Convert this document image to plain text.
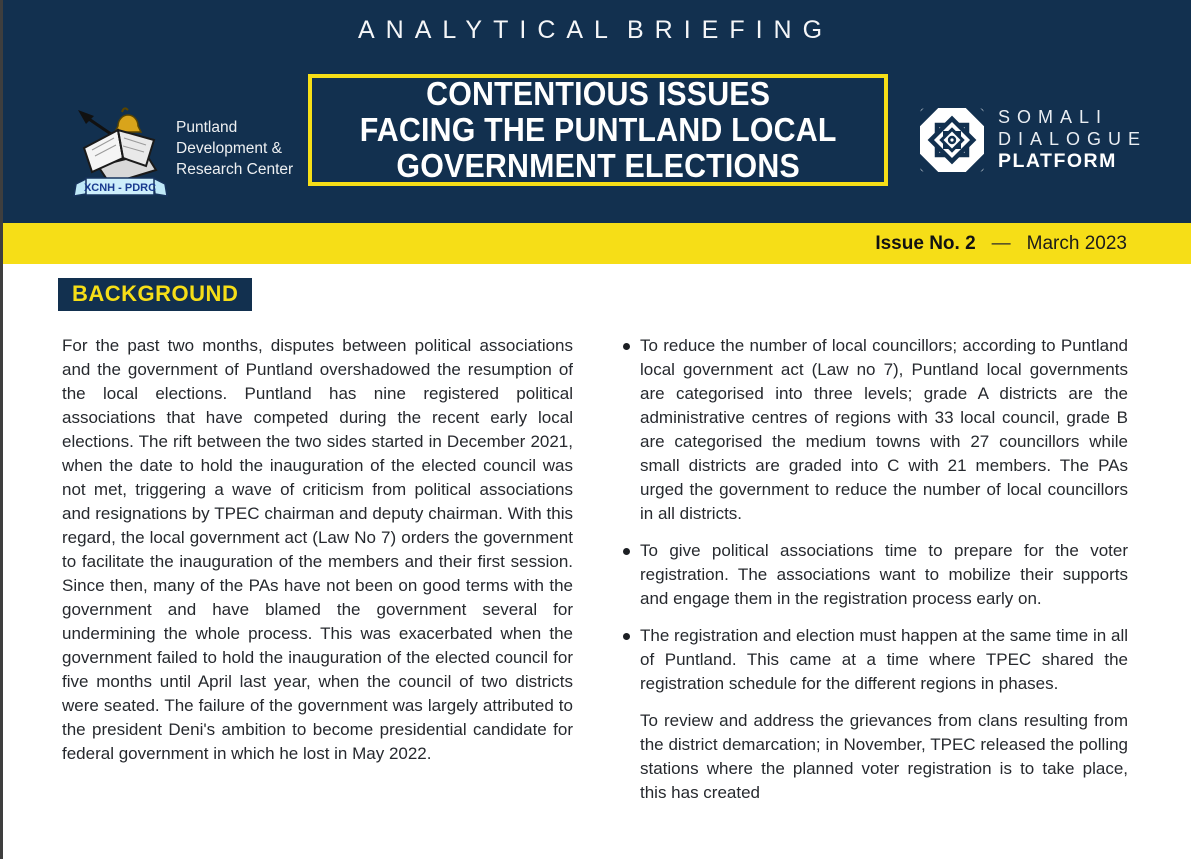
ANALYTICAL BRIEFING
XCNH - PDRC
Puntland
Development &
Research Center
CONTENTIOUS ISSUES
FACING THE PUNTLAND LOCAL
GOVERNMENT ELECTIONS
SOMALI
DIALOGUE
PLATFORM
Issue No. 2 — March 2023
BACKGROUND

For the past two months, disputes between political associations and the government of Puntland overshadowed the resumption of the local elections. Puntland has nine registered political associations that have competed during the recent early local elections. The rift between the two sides started in December 2021, when the date to hold the inauguration of the elected council was not met, triggering a wave of criticism from political associations and resignations by TPEC chairman and deputy chairman. With this regard, the local government act (Law No 7) orders the government to facilitate the inauguration of the members and their first session. Since then, many of the PAs have not been on good terms with the government and have blamed the government several for undermining the whole process. This was exacerbated when the government failed to hold the inauguration of the elected council for five months until April last year, when the council of two districts were seated. The failure of the government was largely attributed to the president Deni's ambition to become presidential candidate for federal government in which he lost in May 2022.

To reduce the number of local councillors; according to Puntland local government act (Law no 7), Puntland local governments are categorised into three levels; grade A districts are the administrative centres of regions with 33 local council, grade B are categorised the medium towns with 27 councillors while small districts are graded into C with 21 members. The PAs urged the government to reduce the number of local councillors in all districts.
To give political associations time to prepare for the voter registration. The associations want to mobilize their supports and engage them in the registration process early on.
The registration and election must happen at the same time in all of Puntland. This came at a time where TPEC shared the registration schedule for the different regions in phases.

To review and address the grievances from clans resulting from the district demarcation; in November, TPEC released the polling stations where the planned voter registration is to take place, this has created
